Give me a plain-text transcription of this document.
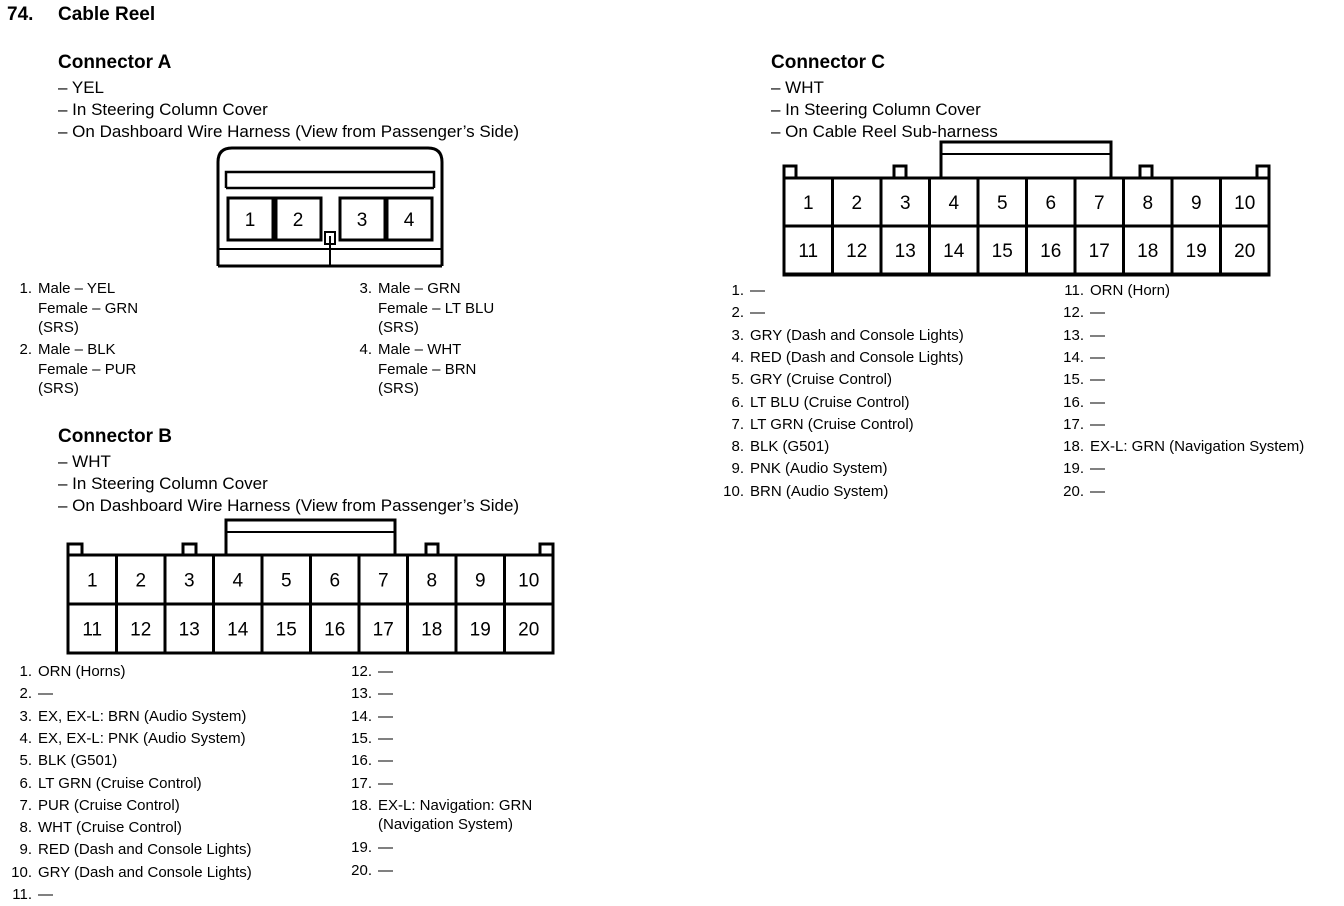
74. Cable Reel
Connector A
– YEL
– In Steering Column Cover
– On Dashboard Wire Harness (View from Passenger’s Side)
1 2	3 4
1. Male – YEL
Female – GRN
(SRS)
2. Male – BLK
Female – PUR
(SRS)
3. Male – GRN
Female – LT BLU
(SRS)
4. Male – WHT
Female – BRN
(SRS)
Connector B
– WHT
– In Steering Column Cover
– On Dashboard Wire Harness (View from Passenger’s Side)
1 2 3 4 5 6 7 8 9 10
11 12 13 14 15 16 17 18 19 20
1. ORN (Horns)
2. —
3. EX, EX-L: BRN (Audio System)
4. EX, EX-L: PNK (Audio System)
5. BLK (G501)
6. LT GRN (Cruise Control)
7. PUR (Cruise Control)
8. WHT (Cruise Control)
9. RED (Dash and Console Lights)
10. GRY (Dash and Console Lights)
11. —
12. —
13. —
14. —
15. —
16. —
17. —
18. EX-L: Navigation: GRN
(Navigation System)
19. —
20. —
Connector C
– WHT
– In Steering Column Cover
– On Cable Reel Sub-harness
1 2 3 4 5 6 7 8 9 10
11 12 13 14 15 16 17 18 19 20
1. —
2. —
3. GRY (Dash and Console Lights)
4. RED (Dash and Console Lights)
5. GRY (Cruise Control)
6. LT BLU (Cruise Control)
7. LT GRN (Cruise Control)
8. BLK (G501)
9. PNK (Audio System)
10. BRN (Audio System)
11. ORN (Horn)
12. —
13. —
14. —
15. —
16. —
17. —
18. EX-L: GRN (Navigation System)
19. —
20. —
